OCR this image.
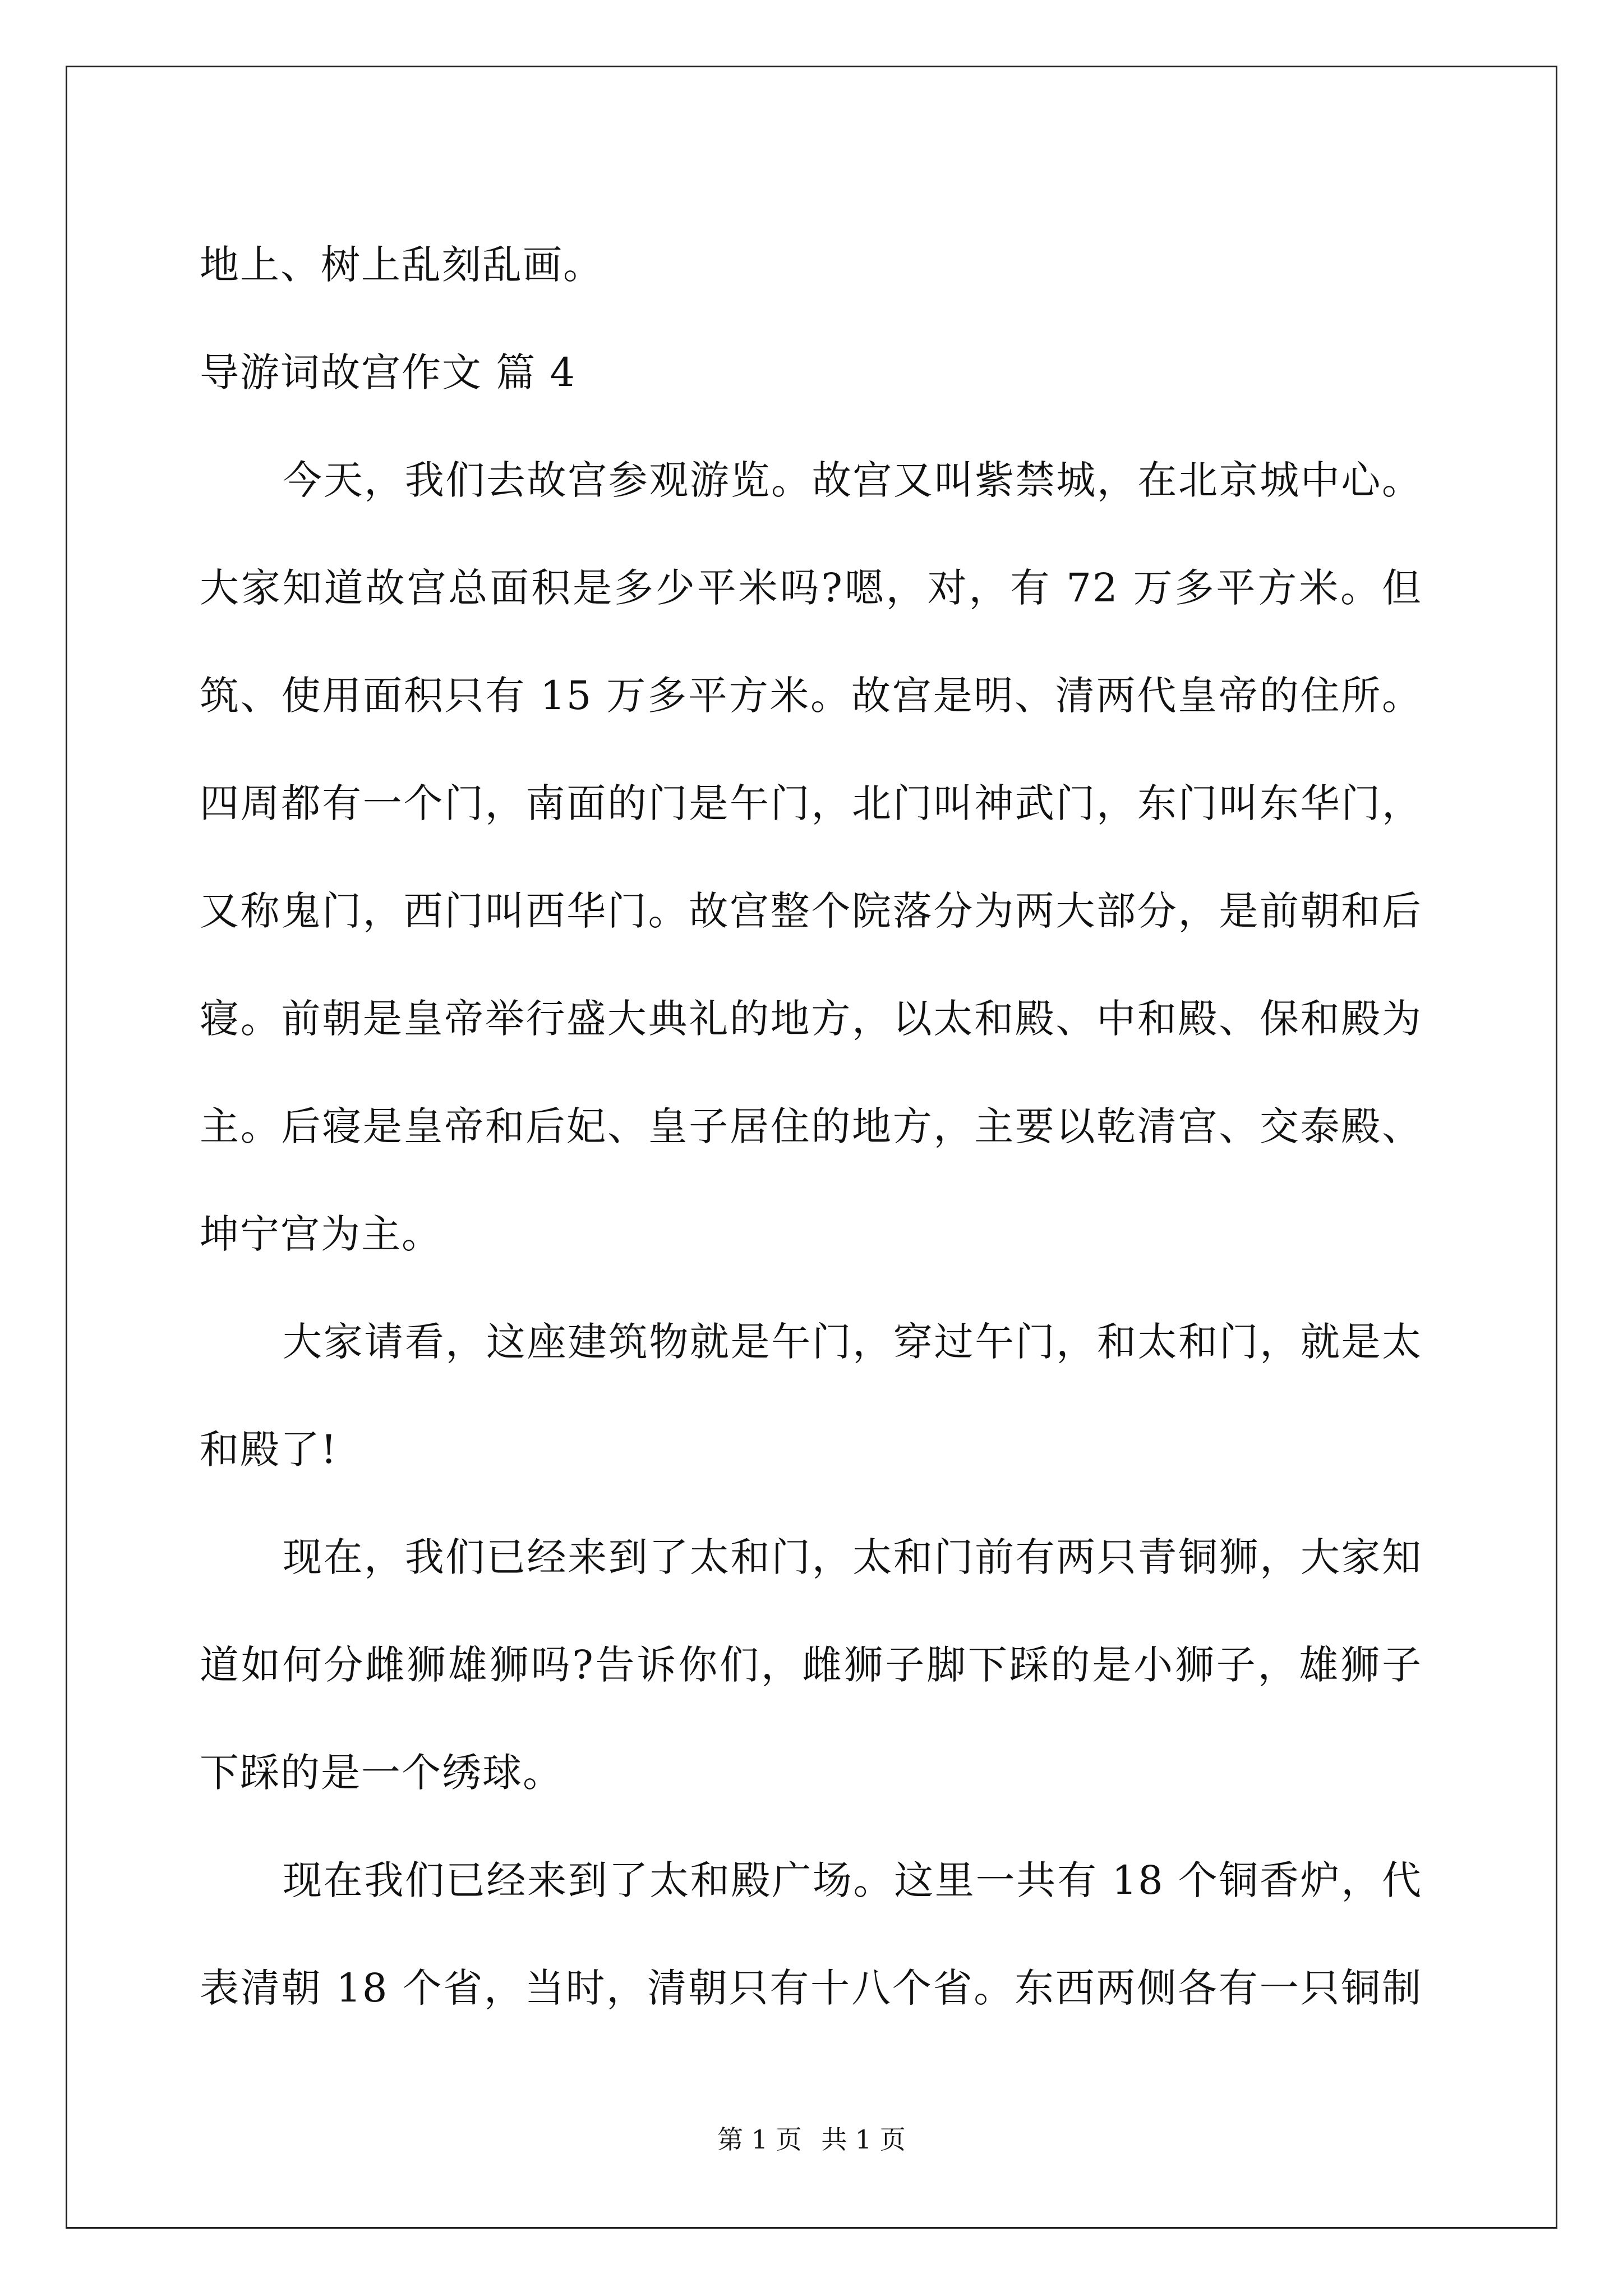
地上、树上乱刻乱画。
导游词故宫作文 篇 4
今天，我们去故宫参观游览。故宫又叫紫禁城，在北京城中心。
大家知道故宫总面积是多少平米吗?嗯，对，有 72 万多平方米。但
筑、使用面积只有 15 万多平方米。故宫是明、清两代皇帝的住所。
四周都有一个门，南面的门是午门，北门叫神武门，东门叫东华门，
又称鬼门，西门叫西华门。故宫整个院落分为两大部分，是前朝和后
寝。前朝是皇帝举行盛大典礼的地方，以太和殿、中和殿、保和殿为
主。后寝是皇帝和后妃、皇子居住的地方，主要以乾清宫、交泰殿、
坤宁宫为主。
大家请看，这座建筑物就是午门，穿过午门，和太和门，就是太
和殿了!
现在，我们已经来到了太和门，太和门前有两只青铜狮，大家知
道如何分雌狮雄狮吗?告诉你们，雌狮子脚下踩的是小狮子，雄狮子
下踩的是一个绣球。
现在我们已经来到了太和殿广场。这里一共有 18 个铜香炉，代
表清朝 18 个省，当时，清朝只有十八个省。东西两侧各有一只铜制
第 1 页 共 1 页
